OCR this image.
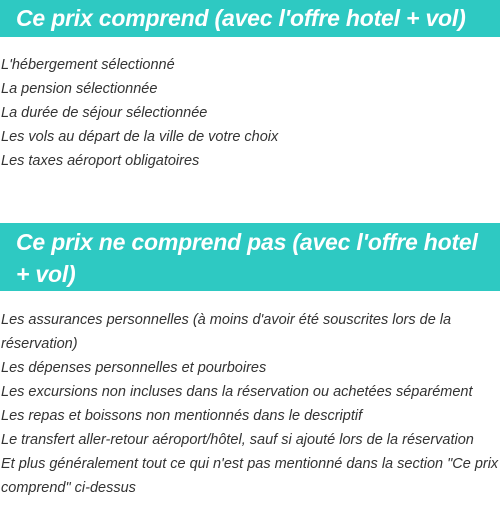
Ce prix comprend (avec l'offre hotel + vol)
L'hébergement sélectionné
La pension sélectionnée
La durée de séjour sélectionnée
Les vols au départ de la ville de votre choix
Les taxes aéroport obligatoires
Ce prix ne comprend pas (avec l'offre hotel + vol)
Les assurances personnelles (à moins d'avoir été souscrites lors de la réservation)
Les dépenses personnelles et pourboires
Les excursions non incluses dans la réservation ou achetées séparément
Les repas et boissons non mentionnés dans le descriptif
Le transfert aller-retour aéroport/hôtel, sauf si ajouté lors de la réservation
Et plus généralement tout ce qui n'est pas mentionné dans la section "Ce prix comprend" ci-dessus
